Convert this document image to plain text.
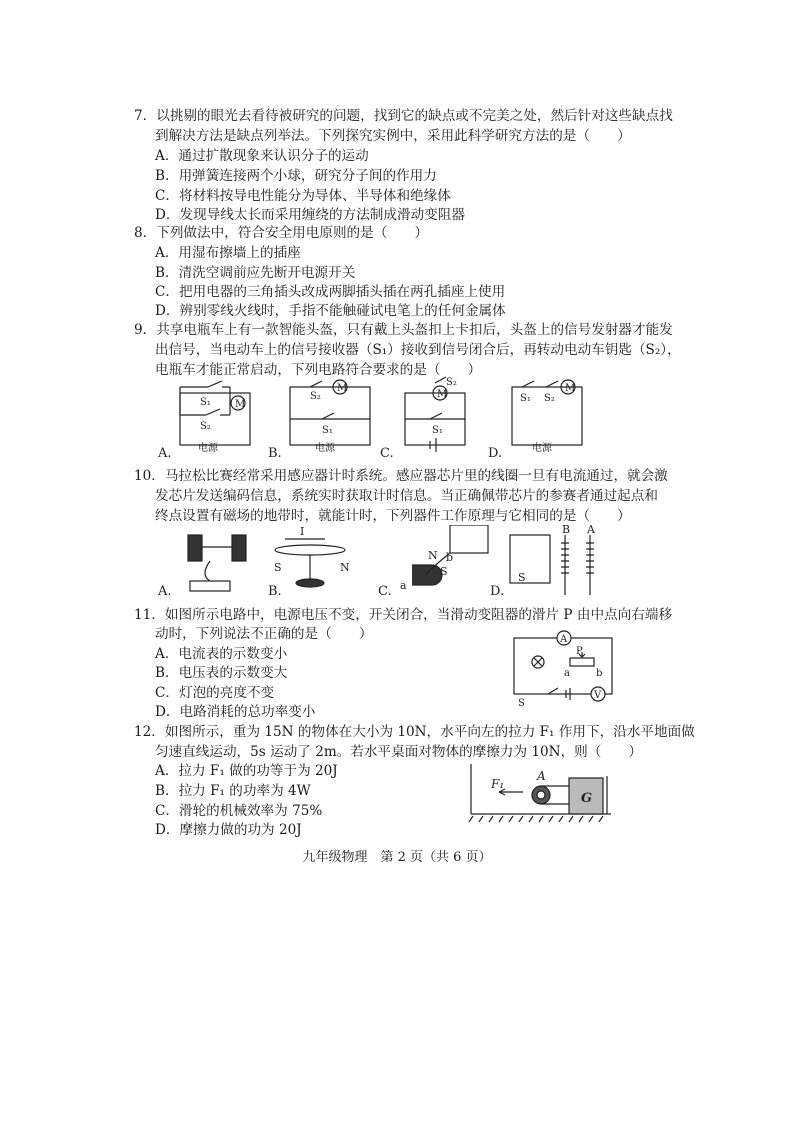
7．以挑剔的眼光去看待被研究的问题，找到它的缺点或不完美之处，然后针对这些缺点找
到解决方法是缺点列举法。下列探究实例中，采用此科学研究方法的是（　　）
A．通过扩散现象来认识分子的运动
B．用弹簧连接两个小球，研究分子间的作用力
C．将材料按导电性能分为导体、半导体和绝缘体
D．发现导线太长而采用缠绕的方法制成滑动变阻器
8．下列做法中，符合安全用电原则的是（　　）
A．用湿布擦墙上的插座
B．清洗空调前应先断开电源开关
C．把用电器的三角插头改成两脚插头插在两孔插座上使用
D．辨别零线火线时，手指不能触碰试电笔上的任何金属体
9．共享电瓶车上有一款智能头盔，只有戴上头盔扣上卡扣后，头盔上的信号发射器才能发
出信号，当电动车上的信号接收器（S₁）接收到信号闭合后，再转动电动车钥匙（S₂），
电瓶车才能正常启动，下列电路符合要求的是（　　）
M
S₁
S₂
电源
M
S₂
S₁
电源
M
S₂
S₁
M
S₁ S₂
电源
A.	B.	C.	D.
10．马拉松比赛经常采用感应器计时系统。感应器芯片里的线圈一旦有电流通过，就会激
发芯片发送编码信息，系统实时获取计时信息。当正确佩带芯片的参赛者通过起点和
终点设置有磁场的地带时，就能计时，下列器件工作原理与它相同的是（　　）
I
S	N
N
S
a
b
S
B A
A.	B.	C.	D.
11．如图所示电路中，电源电压不变，开关闭合，当滑动变阻器的滑片 P 由中点向右端移
动时，下列说法不正确的是（　　）
A．电流表的示数变小
B．电压表的示数变大
C．灯泡的亮度不变
D．电路消耗的总功率变小
A
V
P
a	b
S
12．如图所示，重为 15N 的物体在大小为 10N，水平向左的拉力 F₁ 作用下，沿水平地面做
匀速直线运动，5s 运动了 2m。若水平桌面对物体的摩擦力为 10N，则（　　）
A．拉力 F₁ 做的功等于为 20J
B．拉力 F₁ 的功率为 4W
C．滑轮的机械效率为 75%
D．摩擦力做的功为 20J
F₁
A
G
九年级物理　第 2 页（共 6 页）
